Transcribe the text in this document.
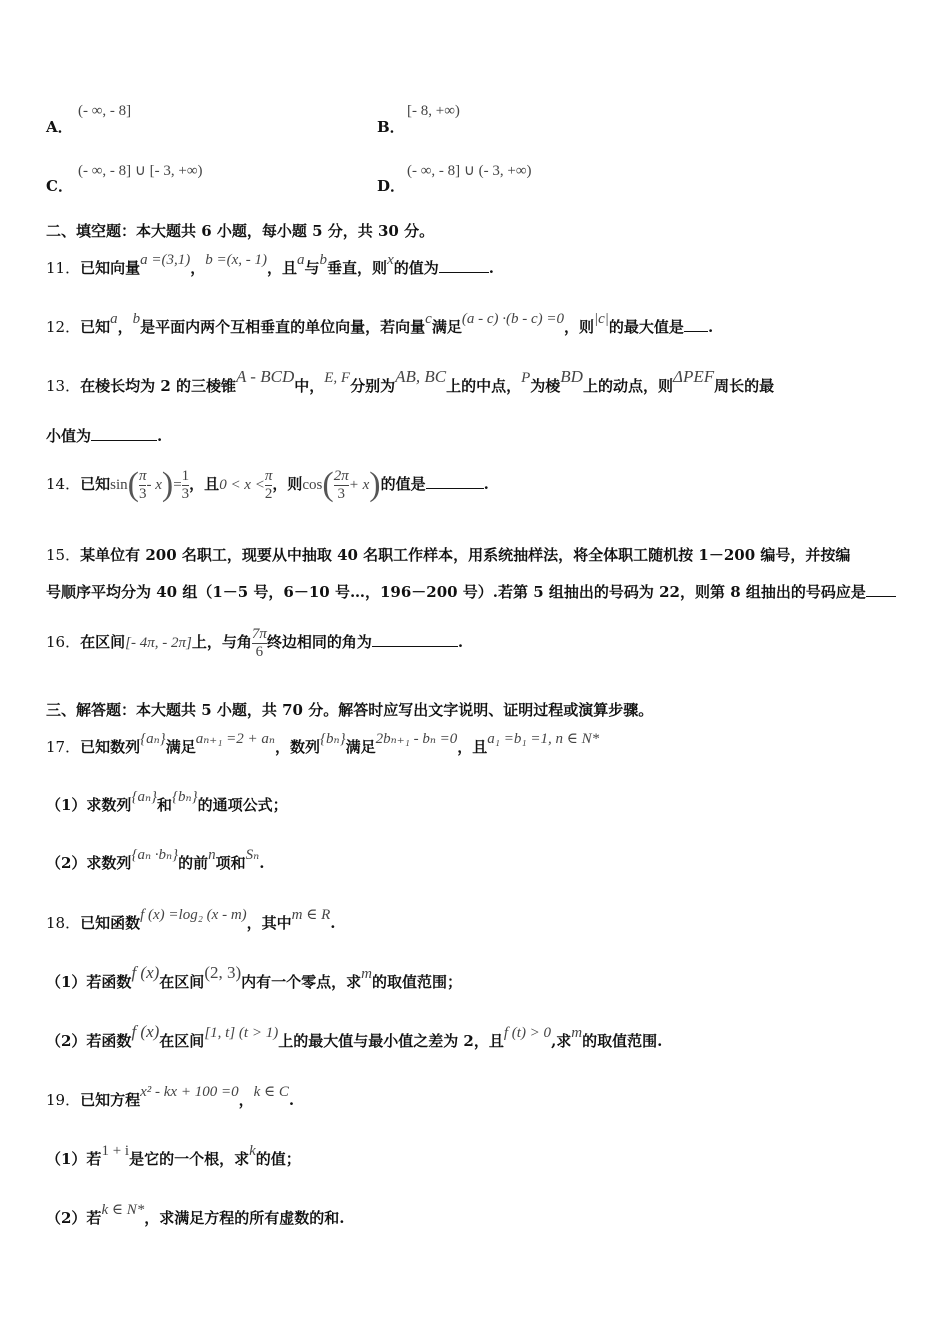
A．
(- ∞, - 8]
B．
[- 8, +∞)
C．
(- ∞, - 8] ∪ [- 3, +∞)
D．
(- ∞, - 8] ∪ (- 3, +∞)
二、填空题：本大题共 6 小题，每小题 5 分，共 30 分。
11．已知向量a =(3,1)，b =(x, - 1)，且a与b垂直，则x的值为	.
12．已知a，b是平面内两个互相垂直的单位向量，若向量c满足(a - c) ·(b - c) =0，则|c|的最大值是 .
13．在棱长均为 2 的三棱锥A - BCD中，E, F分别为AB, BC上的中点，P为棱BD上的动点，则ΔPEF周长的最
小值为	.
14．已知$\sin( \frac{\pi}{3} - x)= \frac{1}{3}$ ，且$0 < x < \frac{\pi}{2}$ ，则$\cos( \frac{2\pi}{3} + x)$的值是	.
15．某单位有 200 名职工，现要从中抽取 40 名职工作样本，用系统抽样法，将全体职工随机按 1－200 编号，并按编
号顺序平均分为 40 组（1－5 号，6－10 号…，196－200 号）.若第 5 组抽出的号码为 22，则第 8 组抽出的号码应是
16．在区间[- 4π, - 2π]上，与角 $\frac{7\pi}{6}$ 终边相同的角为	.
三、解答题：本大题共 5 小题，共 70 分。解答时应写出文字说明、证明过程或演算步骤。
17．已知数列{aₙ}满足aₙ₊₁ =2 + aₙ，数列{bₙ}满足2bₙ₊₁ - bₙ =0，且a₁ =b₁ =1, n ∈ N*
（1）求数列{aₙ}和{bₙ}的通项公式；
（2）求数列{aₙ ·bₙ}的前n项和Sₙ.
18．已知函数f (x) =log₂ (x - m)，其中m ∈ R.
（1）若函数f (x)在区间(2, 3)内有一个零点，求m的取值范围；
（2）若函数f (x)在区间[1, t] (t > 1)上的最大值与最小值之差为 2，且f (t) > 0,求m的取值范围.
19．已知方程x² - kx + 100 =0，k ∈ C.
（1）若1 + i是它的一个根，求k的值；
（2）若k ∈ N*，求满足方程的所有虚数的和.
